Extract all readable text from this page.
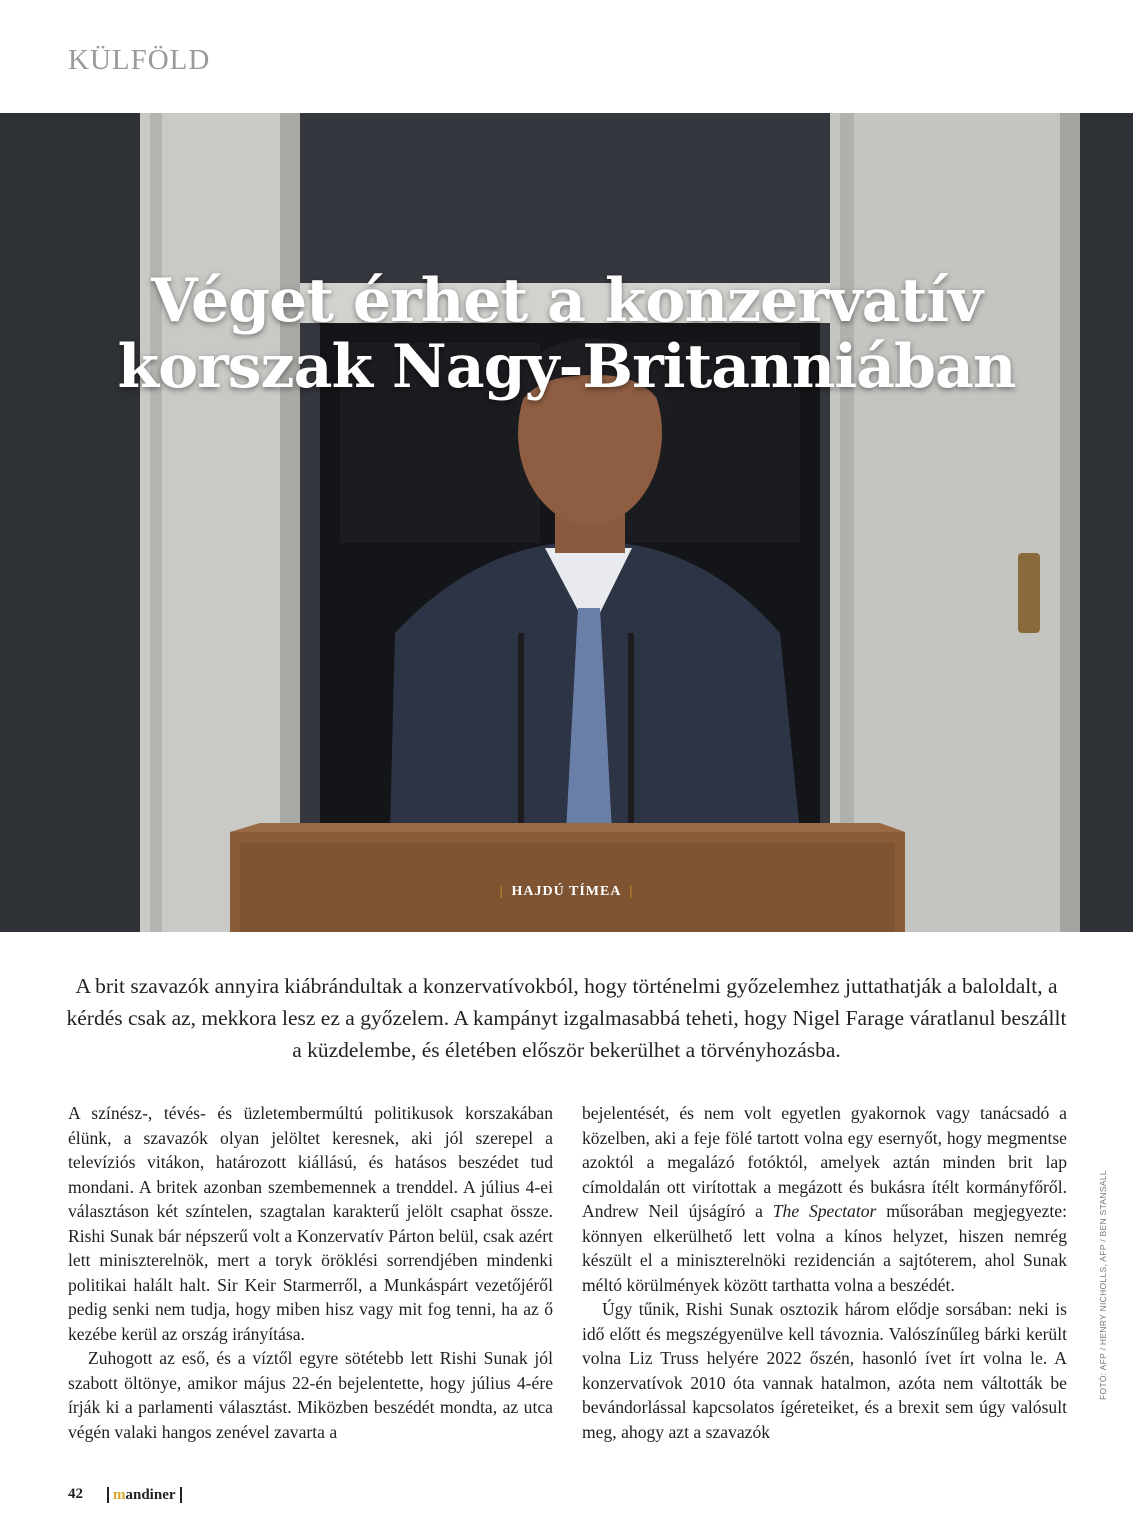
KÜLFÖLD
Véget érhet a konzervatív
korszak Nagy-Britanniában
| HAJDÚ TÍMEA |
A brit szavazók annyira kiábrándultak a konzervatívokból, hogy történelmi győzelemhez juttathatják a baloldalt, a kérdés csak az, mekkora lesz ez a győzelem. A kampányt izgalmasabbá teheti, hogy Nigel Farage váratlanul beszállt a küzdelembe, és életében először bekerülhet a törvényhozásba.

A színész-, tévés- és üzletembermúltú politikusok korszakában élünk, a szavazók olyan jelöltet keresnek, aki jól szerepel a televíziós vitákon, határozott kiállású, és hatásos beszédet tud mondani. A britek azonban szembemennek a trenddel. A július 4-ei választáson két színtelen, szagtalan karakterű jelölt csaphat össze. Rishi Sunak bár népszerű volt a Konzervatív Párton belül, csak azért lett miniszterelnök, mert a toryk öröklési sorrendjében mindenki politikai halált halt. Sir Keir Starmerről, a Munkáspárt vezetőjéről pedig senki nem tudja, hogy miben hisz vagy mit fog tenni, ha az ő kezébe kerül az ország irányítása.

Zuhogott az eső, és a víztől egyre sötétebb lett Rishi Sunak jól szabott öltönye, amikor május 22-én bejelentette, hogy július 4-ére írják ki a parlamenti választást. Miközben beszédét mondta, az utca végén valaki hangos zenével zavarta a

bejelentését, és nem volt egyetlen gyakornok vagy tanácsadó a közelben, aki a feje fölé tartott volna egy esernyőt, hogy megmentse azoktól a megalázó fotóktól, amelyek aztán minden brit lap címoldalán ott virítottak a megázott és bukásra ítélt kormányfőről. Andrew Neil újságíró a The Spectator műsorában megjegyezte: könnyen elkerülhető lett volna a kínos helyzet, hiszen nemrég készült el a miniszterelnöki rezidencián a sajtóterem, ahol Sunak méltó körülmények között tarthatta volna a beszédét.

Úgy tűnik, Rishi Sunak osztozik három elődje sorsában: neki is idő előtt és megszégyenülve kell távoznia. Valószínűleg bárki került volna Liz Truss helyére 2022 őszén, hasonló ívet írt volna le. A konzervatívok 2010 óta vannak hatalmon, azóta nem váltották be bevándorlással kapcsolatos ígéreteiket, és a brexit sem úgy valósult meg, ahogy azt a szavazók

FOTÓ: AFP / HENRY NICHOLLS, AFP / BEN STANSALL
42	mandiner
